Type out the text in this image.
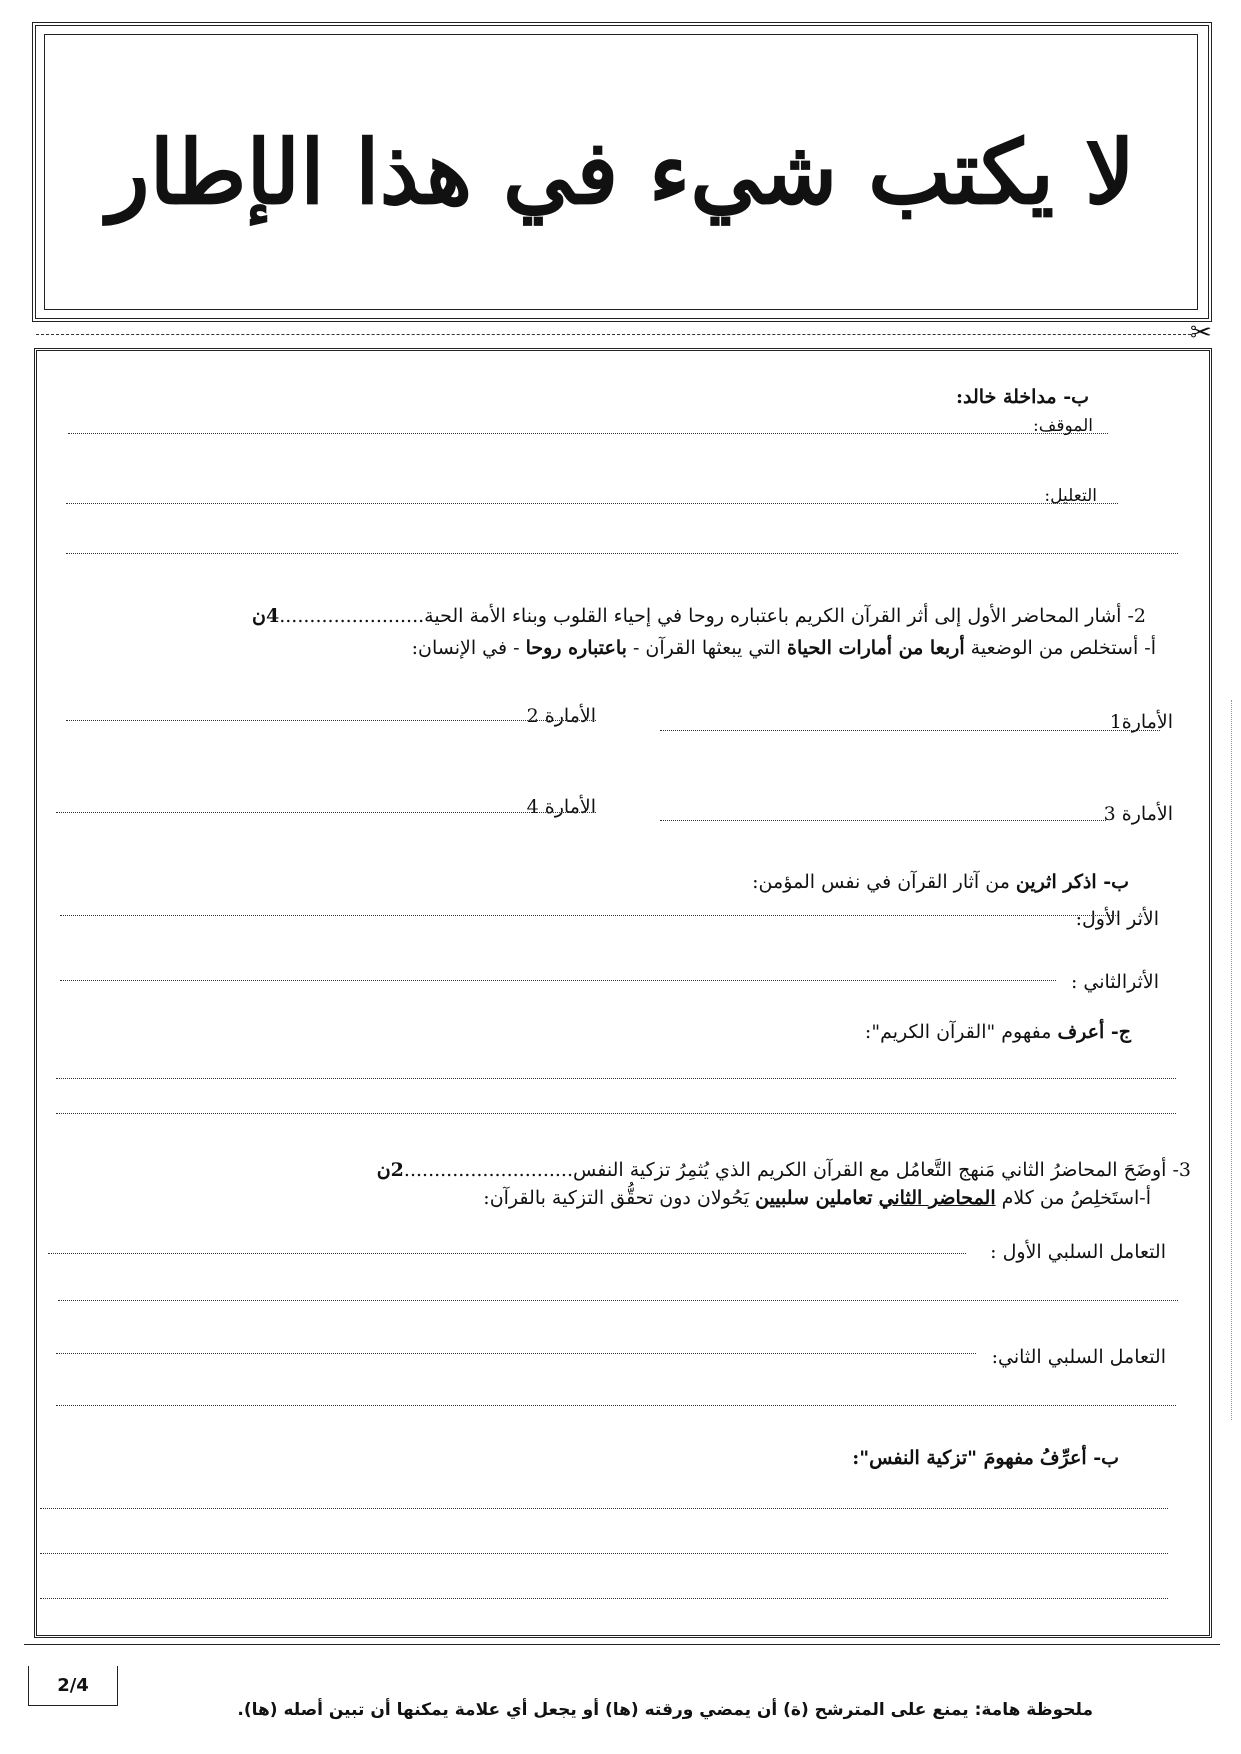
لا يكتب شيء في هذا الإطار
✂
ب- مداخلة خالد:
الموقف:
التعليل:
2- أشار المحاضر الأول إلى أثر القرآن الكريم باعتباره روحا في إحياء القلوب وبناء الأمة الحية........................4ن
أ- أستخلص من الوضعية أربعا من أمارات الحياة التي يبعثها القرآن - باعتباره روحا - في الإنسان:
الأمارة1
الأمارة 2
الأمارة 3
الأمارة 4
ب- اذكر اثرين من آثار القرآن في نفس المؤمن:
الأثر الأول:
الأثرالثاني :
ج- أعرف مفهوم "القرآن الكريم":
3- أوضَحَ المحاضرُ الثاني مَنهج التَّعامُل مع القرآن الكريم الذي يُثمِرُ تزكية النفس............................2ن
أ-استَخلِصُ من كلام المحاضر الثاني تعاملين سلبيين يَحُولان دون تحقُّق التزكية بالقرآن:
التعامل السلبي الأول :
التعامل السلبي الثاني:
ب- أعرِّفُ مفهومَ "تزكية النفس":
2/4
ملحوظة هامة: يمنع على المترشح (ة) أن يمضي ورقته (ها) أو يجعل أي علامة يمكنها أن تبين أصله (ها).
